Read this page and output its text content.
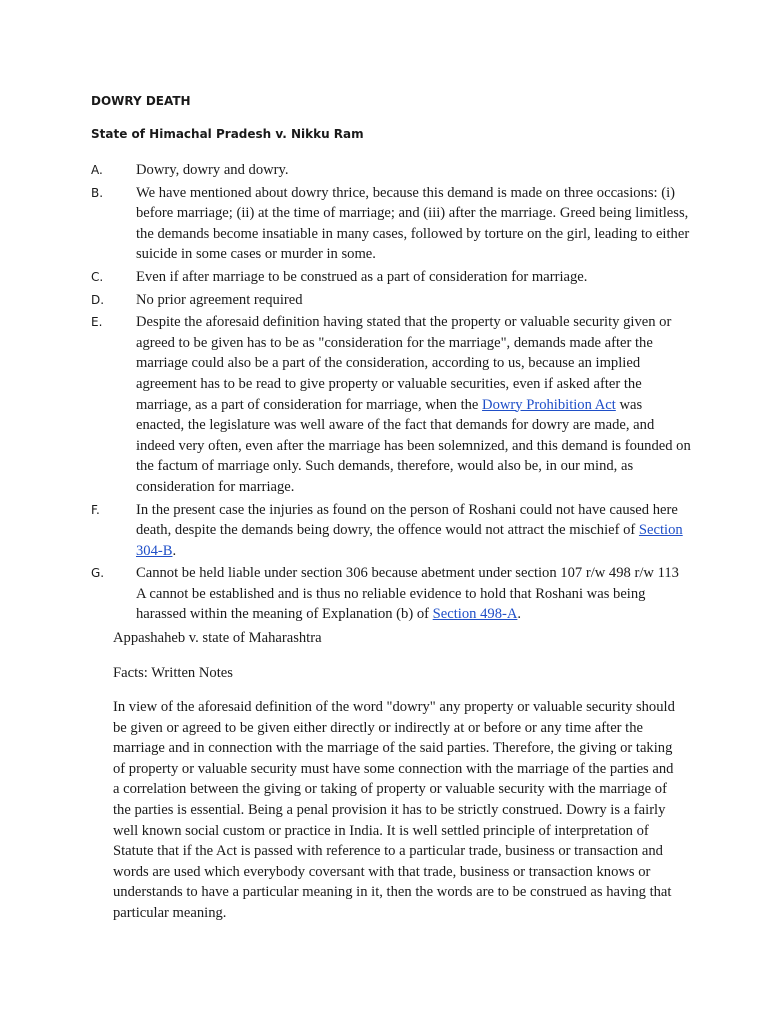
DOWRY DEATH
State of Himachal Pradesh v. Nikku Ram
A.	Dowry, dowry and dowry.
B.	We have mentioned about dowry thrice, because this demand is made on three occasions: (i) before marriage; (ii) at the time of marriage; and (iii) after the marriage. Greed being limitless, the demands become insatiable in many cases, followed by torture on the girl, leading to either suicide in some cases or murder in some.
C.	Even if after marriage to be construed as a part of consideration for marriage.
D.	No prior agreement required
E.	Despite the aforesaid definition having stated that the property or valuable security given or agreed to be given has to be as "consideration for the marriage", demands made after the marriage could also be a part of the consideration, according to us, because an implied agreement has to be read to give property or valuable securities, even if asked after the marriage, as a part of consideration for marriage, when the Dowry Prohibition Act was enacted, the legislature was well aware of the fact that demands for dowry are made, and indeed very often, even after the marriage has been solemnized, and this demand is founded on the factum of marriage only. Such demands, therefore, would also be, in our mind, as consideration for marriage.
F.	In the present case the injuries as found on the person of Roshani could not have caused here death, despite the demands being dowry, the offence would not attract the mischief of Section 304-B.
G.	Cannot be held liable under section 306 because abetment under section 107 r/w 498 r/w 113 A cannot be established and is thus no reliable evidence to hold that Roshani was being harassed within the meaning of Explanation (b) of Section 498-A.

Appashaheb v. state of Maharashtra

Facts: Written Notes

In view of the aforesaid definition of the word "dowry" any property or valuable security should be given or agreed to be given either directly or indirectly at or before or any time after the marriage and in connection with the marriage of the said parties. Therefore, the giving or taking of property or valuable security must have some connection with the marriage of the parties and a correlation between the giving or taking of property or valuable security with the marriage of the parties is essential. Being a penal provision it has to be strictly construed. Dowry is a fairly well known social custom or practice in India. It is well settled principle of interpretation of Statute that if the Act is passed with reference to a particular trade, business or transaction and words are used which everybody coversant with that trade, business or transaction knows or understands to have a particular meaning in it, then the words are to be construed as having that particular meaning.
